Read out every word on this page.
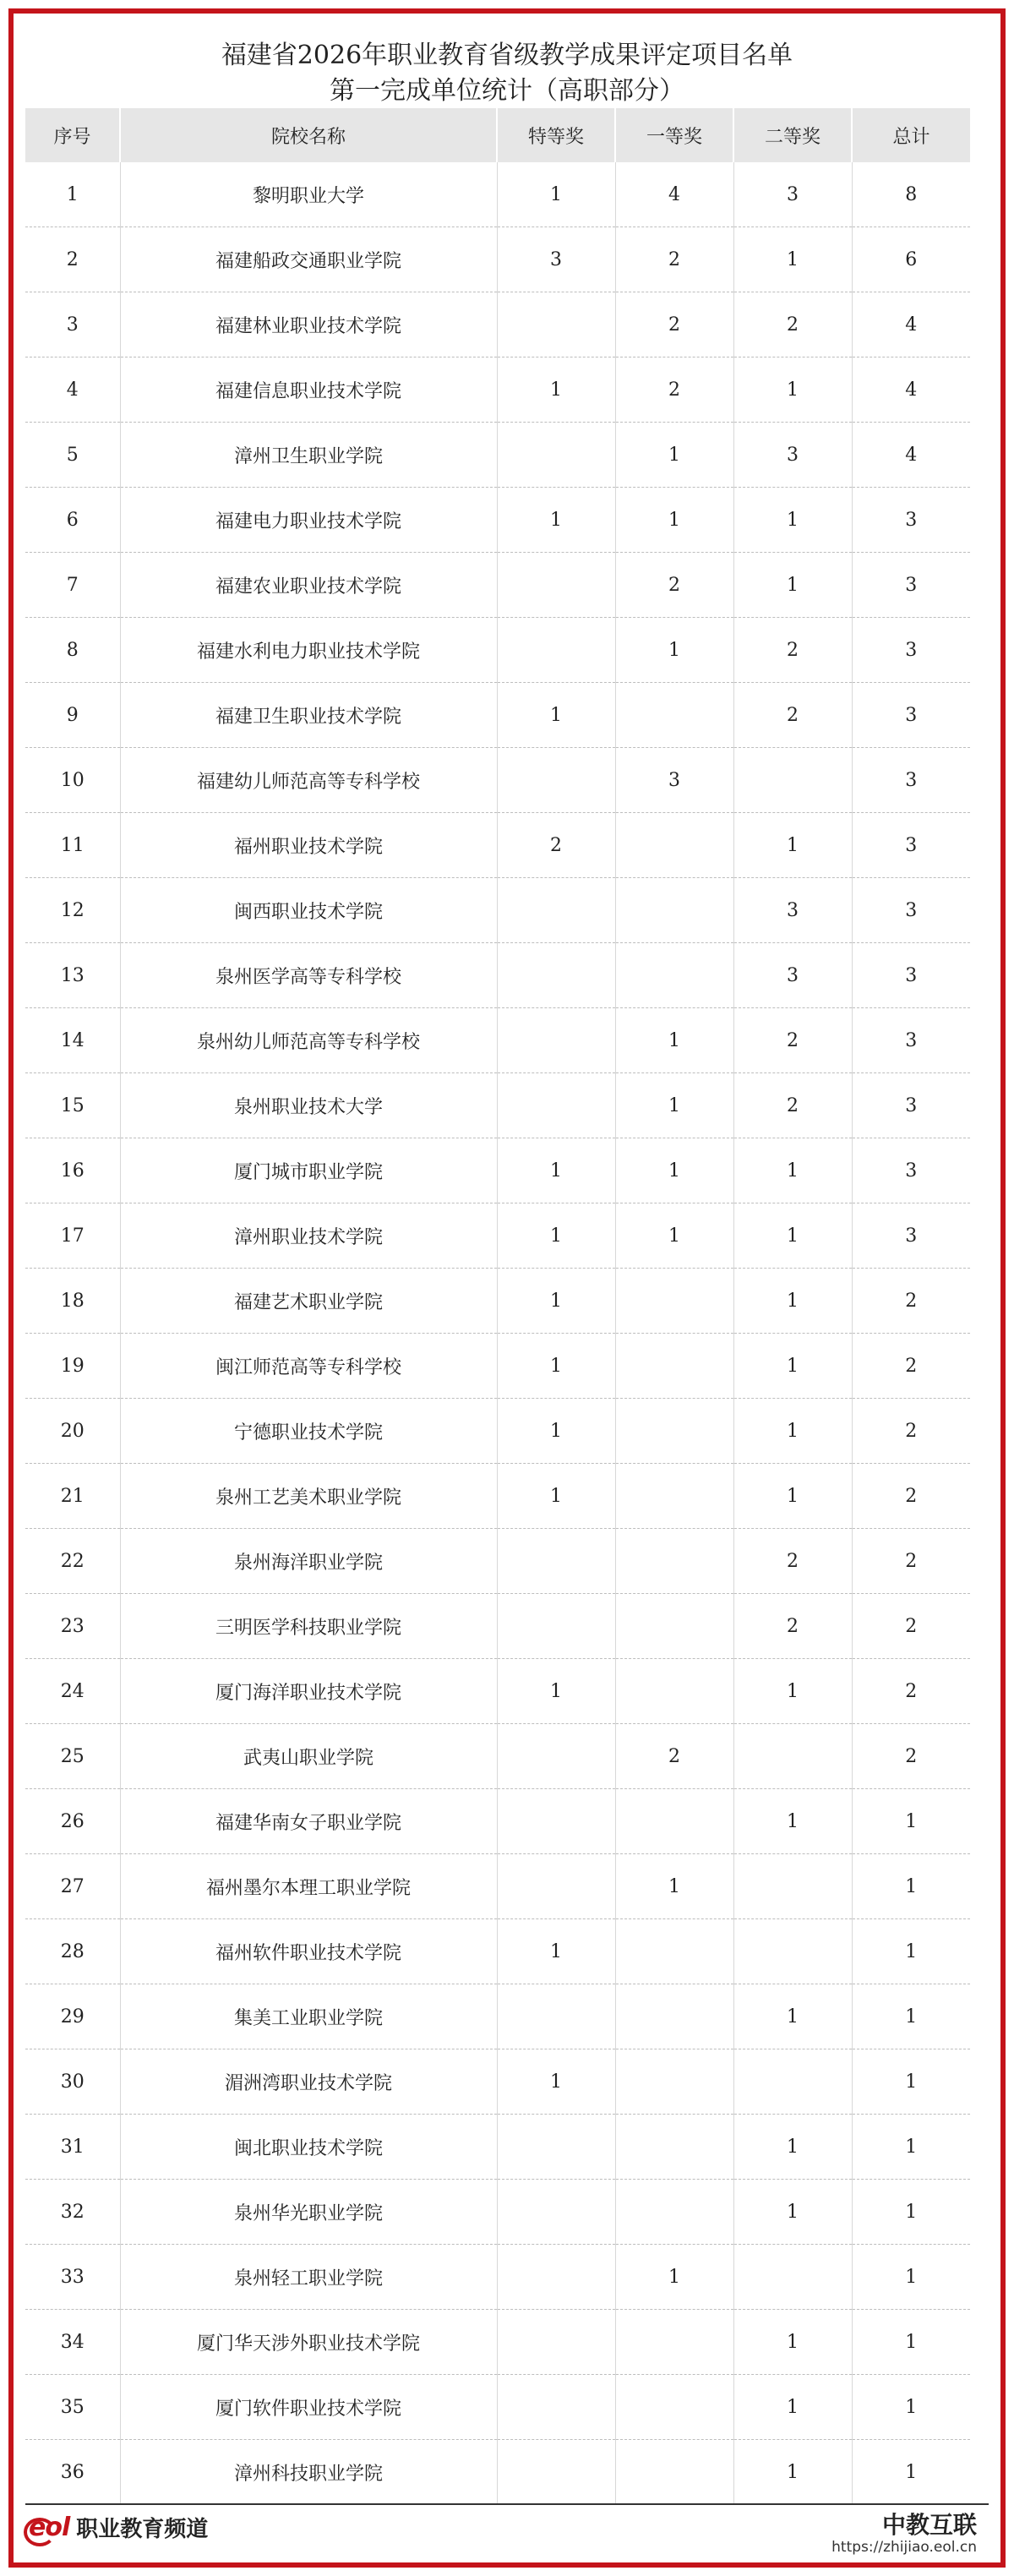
福建省2026年职业教育省级教学成果评定项目名单
第一完成单位统计（高职部分）
序号	院校名称	特等奖	一等奖	二等奖	总计
1	黎明职业大学	1	4	3	8
2	福建船政交通职业学院	3	2	1	6
3	福建林业职业技术学院		2	2	4
4	福建信息职业技术学院	1	2	1	4
5	漳州卫生职业学院		1	3	4
6	福建电力职业技术学院	1	1	1	3
7	福建农业职业技术学院		2	1	3
8	福建水利电力职业技术学院		1	2	3
9	福建卫生职业技术学院	1		2	3
10	福建幼儿师范高等专科学校		3		3
11	福州职业技术学院	2		1	3
12	闽西职业技术学院			3	3
13	泉州医学高等专科学校			3	3
14	泉州幼儿师范高等专科学校		1	2	3
15	泉州职业技术大学		1	2	3
16	厦门城市职业学院	1	1	1	3
17	漳州职业技术学院	1	1	1	3
18	福建艺术职业学院	1		1	2
19	闽江师范高等专科学校	1		1	2
20	宁德职业技术学院	1		1	2
21	泉州工艺美术职业学院	1		1	2
22	泉州海洋职业学院			2	2
23	三明医学科技职业学院			2	2
24	厦门海洋职业技术学院	1		1	2
25	武夷山职业学院		2		2
26	福建华南女子职业学院			1	1
27	福州墨尔本理工职业学院		1		1
28	福州软件职业技术学院	1			1
29	集美工业职业学院			1	1
30	湄洲湾职业技术学院	1			1
31	闽北职业技术学院			1	1
32	泉州华光职业学院			1	1
33	泉州轻工职业学院		1		1
34	厦门华天涉外职业技术学院			1	1
35	厦门软件职业技术学院			1	1
36	漳州科技职业学院			1	1
eol 职业教育频道	中教互联
https://zhijiao.eol.cn
